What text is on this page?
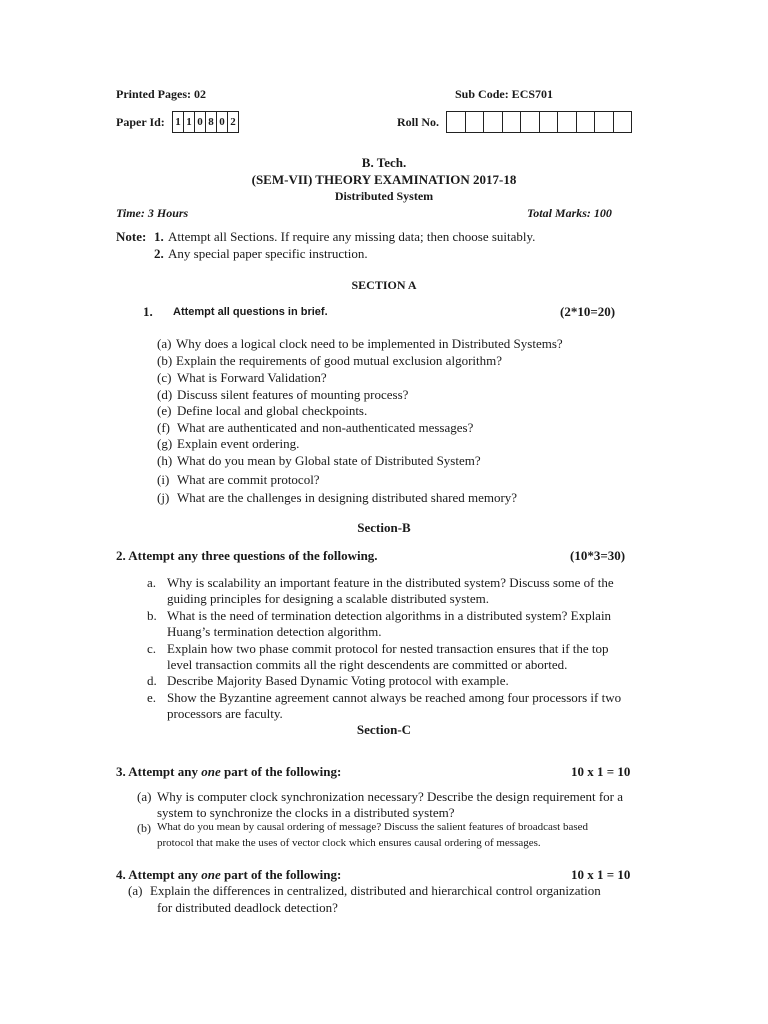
Printed Pages: 02	Sub Code: ECS701
Paper Id: 1 1 0 8 0 2	Roll No.
B. Tech.
(SEM-VII) THEORY EXAMINATION 2017-18
Distributed System
Time: 3 Hours	Total Marks: 100
Note: 1. Attempt all Sections. If require any missing data; then choose suitably.
2. Any special paper specific instruction.
SECTION A
1. Attempt all questions in brief.	(2*10=20)
(a) Why does a logical clock need to be implemented in Distributed Systems?
(b) Explain the requirements of good mutual exclusion algorithm?
(c) What is Forward Validation?
(d) Discuss silent features of mounting process?
(e) Define local and global checkpoints.
(f) What are authenticated and non-authenticated messages?
(g) Explain event ordering.
(h) What do you mean by Global state of Distributed System?
(i) What are commit protocol?
(j) What are the challenges in designing distributed shared memory?
Section-B
2. Attempt any three questions of the following.	(10*3=30)
a. Why is scalability an important feature in the distributed system? Discuss some of the
guiding principles for designing a scalable distributed system.
b. What is the need of termination detection algorithms in a distributed system? Explain
Huang’s termination detection algorithm.
c. Explain how two phase commit protocol for nested transaction ensures that if the top
level transaction commits all the right descendents are committed or aborted.
d. Describe Majority Based Dynamic Voting protocol with example.
e. Show the Byzantine agreement cannot always be reached among four processors if two
processors are faculty.
Section-C
3. Attempt any one part of the following:	10 x 1 = 10
(a) Why is computer clock synchronization necessary? Describe the design requirement for a
system to synchronize the clocks in a distributed system?
(b) What do you mean by causal ordering of message? Discuss the salient features of broadcast based
protocol that make the uses of vector clock which ensures causal ordering of messages.
4. Attempt any one part of the following:	10 x 1 = 10
(a) Explain the differences in centralized, distributed and hierarchical control organization
for distributed deadlock detection?
